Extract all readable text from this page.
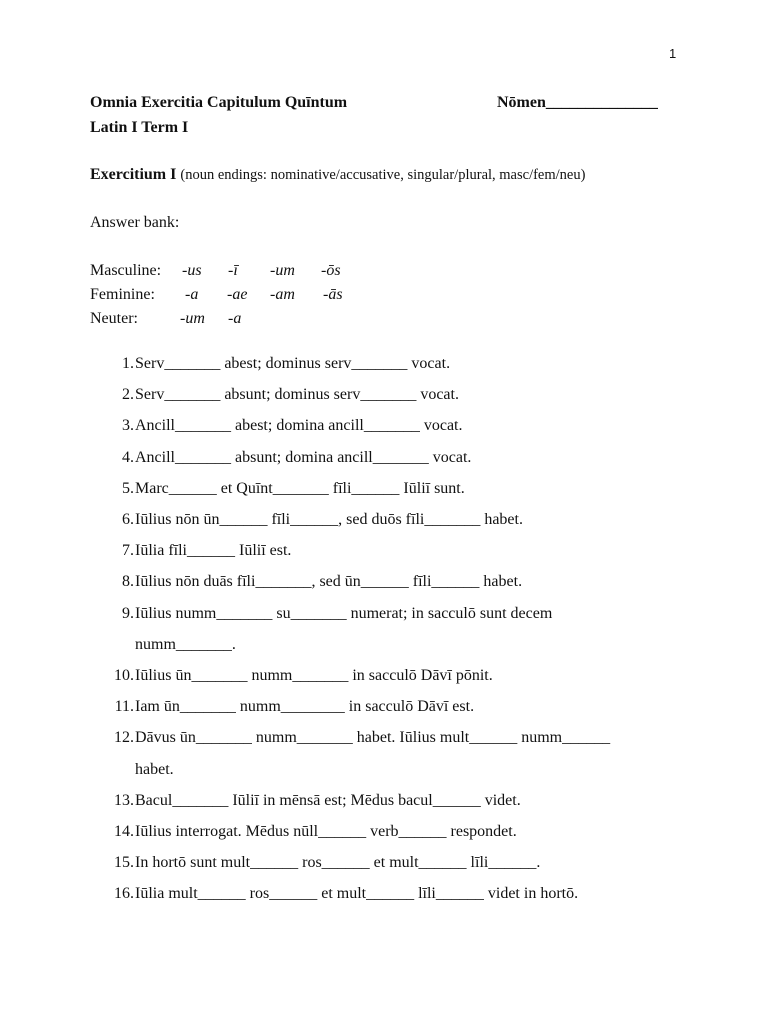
1
Omnia Exercitia Capitulum Quīntum	Nōmen______________
Latin I Term I
Exercitium I (noun endings: nominative/accusative, singular/plural, masc/fem/neu)
Answer bank:
Masculine: -us -ī -um -ōs
Feminine: -a -ae -am -ās
Neuter:	-um -a
1. Serv_______ abest; dominus serv_______ vocat.
2. Serv_______ absunt; dominus serv_______ vocat.
3. Ancill_______ abest; domina ancill_______ vocat.
4. Ancill_______ absunt; domina ancill_______ vocat.
5. Marc______ et Quīnt_______ fīli______ Iūliī sunt.
6. Iūlius nōn ūn______ fīli______, sed duōs fīli_______ habet.
7. Iūlia fīli______ Iūliī est.
8. Iūlius nōn duās fīli_______, sed ūn______ fīli______ habet.
9. Iūlius numm_______ su_______ numerat; in sacculō sunt decem
numm_______.
10. Iūlius ūn_______ numm_______ in sacculō Dāvī pōnit.
11. Iam ūn_______ numm________ in sacculō Dāvī est.
12. Dāvus ūn_______ numm_______ habet. Iūlius mult______ numm______
habet.
13. Bacul_______ Iūliī in mēnsā est; Mēdus bacul______ videt.
14. Iūlius interrogat. Mēdus nūll______ verb______ respondet.
15. In hortō sunt mult______ ros______ et mult______ līli______.
16. Iūlia mult______ ros______ et mult______ līli______ videt in hortō.
